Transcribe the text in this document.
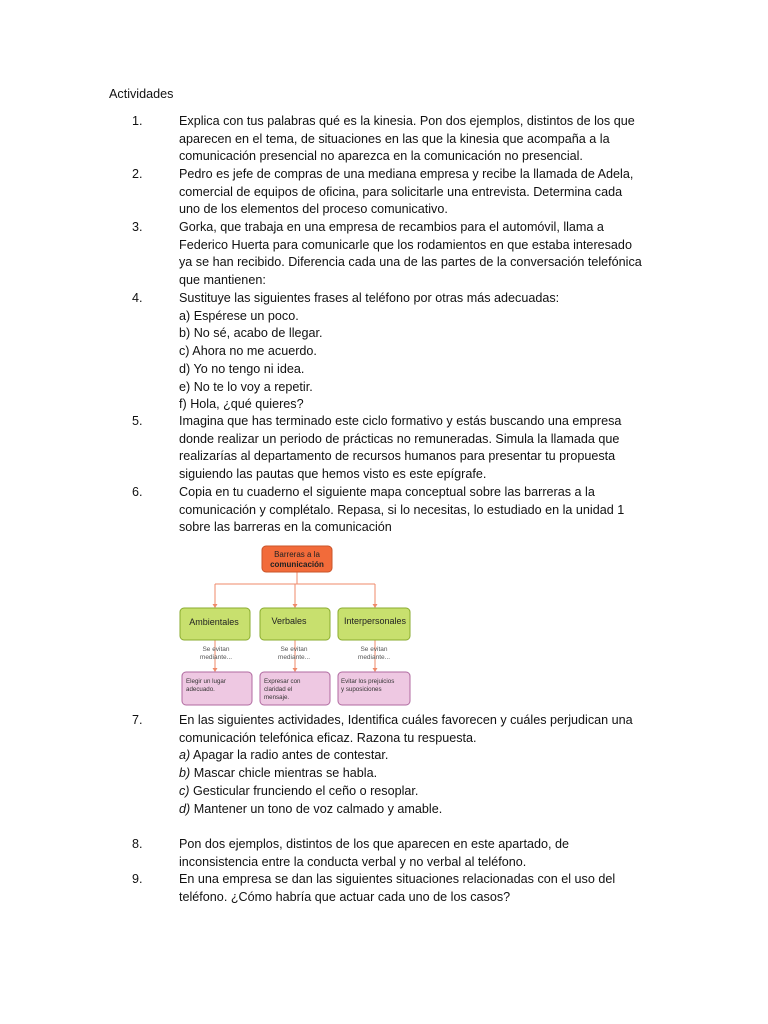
Actividades
1.	Explica con tus palabras qué es la kinesia. Pon dos ejemplos, distintos de los que
aparecen en el tema, de situaciones en las que la kinesia que acompaña a la
comunicación presencial no aparezca en la comunicación no presencial.
2.	Pedro es jefe de compras de una mediana empresa y recibe la llamada de Adela,
comercial de equipos de oficina, para solicitarle una entrevista. Determina cada
uno de los elementos del proceso comunicativo.
3.	Gorka, que trabaja en una empresa de recambios para el automóvil, llama a
Federico Huerta para comunicarle que los rodamientos en que estaba interesado
ya se han recibido. Diferencia cada una de las partes de la conversación telefónica
que mantienen:
4.	Sustituye las siguientes frases al teléfono por otras más adecuadas:
a) Espérese un poco.
b) No sé, acabo de llegar.
c) Ahora no me acuerdo.
d) Yo no tengo ni idea.
e) No te lo voy a repetir.
f) Hola, ¿qué quieres?
5.	Imagina que has terminado este ciclo formativo y estás buscando una empresa
donde realizar un periodo de prácticas no remuneradas. Simula la llamada que
realizarías al departamento de recursos humanos para presentar tu propuesta
siguiendo las pautas que hemos visto es este epígrafe.
6.	Copia en tu cuaderno el siguiente mapa conceptual sobre las barreras a la
comunicación y complétalo. Repasa, si lo necesitas, lo estudiado en la unidad 1
sobre las barreras en la comunicación
Barreras a la
comunicación
Ambientales	Verbales	Interpersonales
Se evitan
mediante...
Se evitan
mediante...
Se evitan
mediante...
Elegir un lugar
adecuado.
Expresar con
claridad el
mensaje.
Evitar los prejuicios
y suposiciones
7.	En las siguientes actividades, Identifica cuáles favorecen y cuáles perjudican una
comunicación telefónica eficaz. Razona tu respuesta.
a) Apagar la radio antes de contestar.
b) Mascar chicle mientras se habla.
c) Gesticular frunciendo el ceño o resoplar.
d) Mantener un tono de voz calmado y amable.
8.	Pon dos ejemplos, distintos de los que aparecen en este apartado, de
inconsistencia entre la conducta verbal y no verbal al teléfono.
9.	En una empresa se dan las siguientes situaciones relacionadas con el uso del
teléfono. ¿Cómo habría que actuar cada uno de los casos?
